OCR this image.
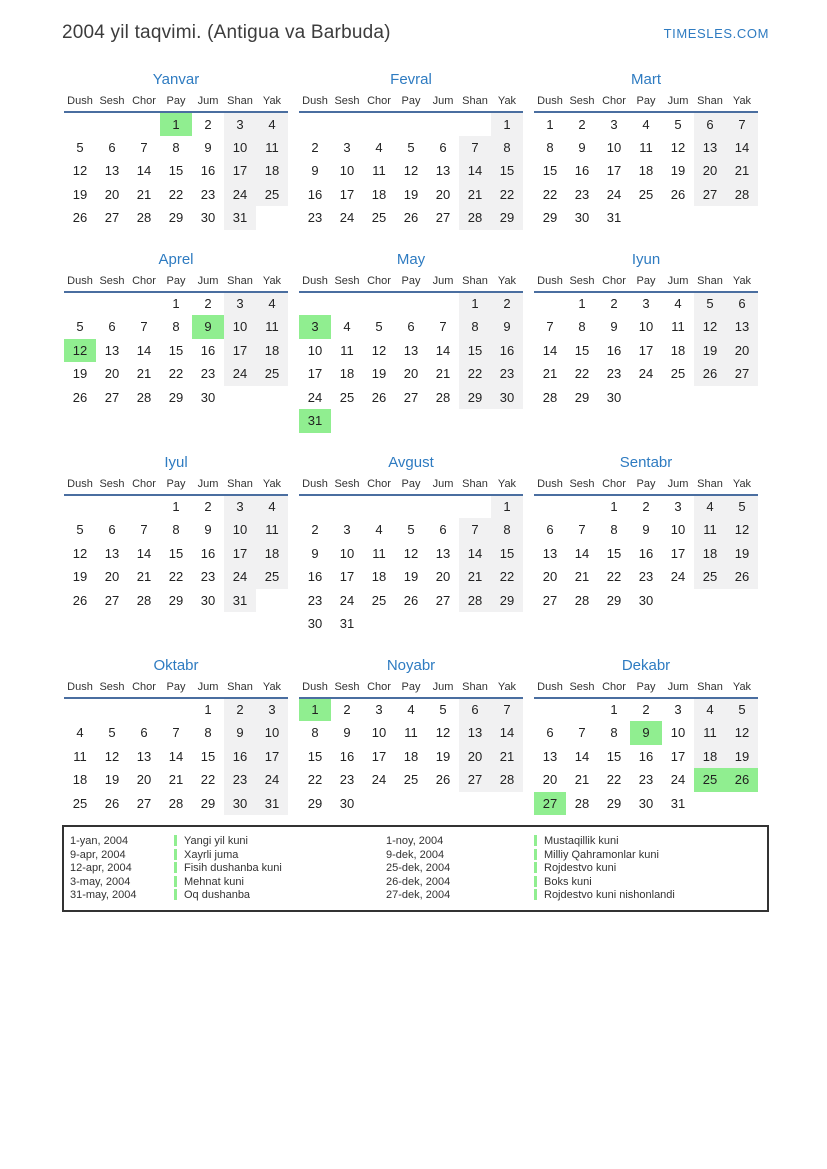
2004 yil taqvimi. (Antigua va Barbuda)	TIMESLES.COM
Yanvar
Dush	Sesh	Chor	Pay	Jum	Shan	Yak
			1	2	3	4
5	6	7	8	9	10	11
12	13	14	15	16	17	18
19	20	21	22	23	24	25
26	27	28	29	30	31	
Fevral
Dush	Sesh	Chor	Pay	Jum	Shan	Yak
						1
2	3	4	5	6	7	8
9	10	11	12	13	14	15
16	17	18	19	20	21	22
23	24	25	26	27	28	29
Mart
Dush	Sesh	Chor	Pay	Jum	Shan	Yak
1	2	3	4	5	6	7
8	9	10	11	12	13	14
15	16	17	18	19	20	21
22	23	24	25	26	27	28
29	30	31				
Aprel
Dush	Sesh	Chor	Pay	Jum	Shan	Yak
			1	2	3	4
5	6	7	8	9	10	11
12	13	14	15	16	17	18
19	20	21	22	23	24	25
26	27	28	29	30		
May
Dush	Sesh	Chor	Pay	Jum	Shan	Yak
					1	2
3	4	5	6	7	8	9
10	11	12	13	14	15	16
17	18	19	20	21	22	23
24	25	26	27	28	29	30
31						
Iyun
Dush	Sesh	Chor	Pay	Jum	Shan	Yak
	1	2	3	4	5	6
7	8	9	10	11	12	13
14	15	16	17	18	19	20
21	22	23	24	25	26	27
28	29	30				
Iyul
Dush	Sesh	Chor	Pay	Jum	Shan	Yak
			1	2	3	4
5	6	7	8	9	10	11
12	13	14	15	16	17	18
19	20	21	22	23	24	25
26	27	28	29	30	31	
Avgust
Dush	Sesh	Chor	Pay	Jum	Shan	Yak
						1
2	3	4	5	6	7	8
9	10	11	12	13	14	15
16	17	18	19	20	21	22
23	24	25	26	27	28	29
30	31					
Sentabr
Dush	Sesh	Chor	Pay	Jum	Shan	Yak
		1	2	3	4	5
6	7	8	9	10	11	12
13	14	15	16	17	18	19
20	21	22	23	24	25	26
27	28	29	30			
Oktabr
Dush	Sesh	Chor	Pay	Jum	Shan	Yak
				1	2	3
4	5	6	7	8	9	10
11	12	13	14	15	16	17
18	19	20	21	22	23	24
25	26	27	28	29	30	31
Noyabr
Dush	Sesh	Chor	Pay	Jum	Shan	Yak
1	2	3	4	5	6	7
8	9	10	11	12	13	14
15	16	17	18	19	20	21
22	23	24	25	26	27	28
29	30					
Dekabr
Dush	Sesh	Chor	Pay	Jum	Shan	Yak
		1	2	3	4	5
6	7	8	9	10	11	12
13	14	15	16	17	18	19
20	21	22	23	24	25	26
27	28	29	30	31		
1-yan, 2004	Yangi yil kuni	1-noy, 2004	Mustaqillik kuni
9-apr, 2004	Xayrli juma	9-dek, 2004	Milliy Qahramonlar kuni
12-apr, 2004	Fisih dushanba kuni	25-dek, 2004	Rojdestvo kuni
3-may, 2004	Mehnat kuni	26-dek, 2004	Boks kuni
31-may, 2004	Oq dushanba	27-dek, 2004	Rojdestvo kuni nishonlandi
